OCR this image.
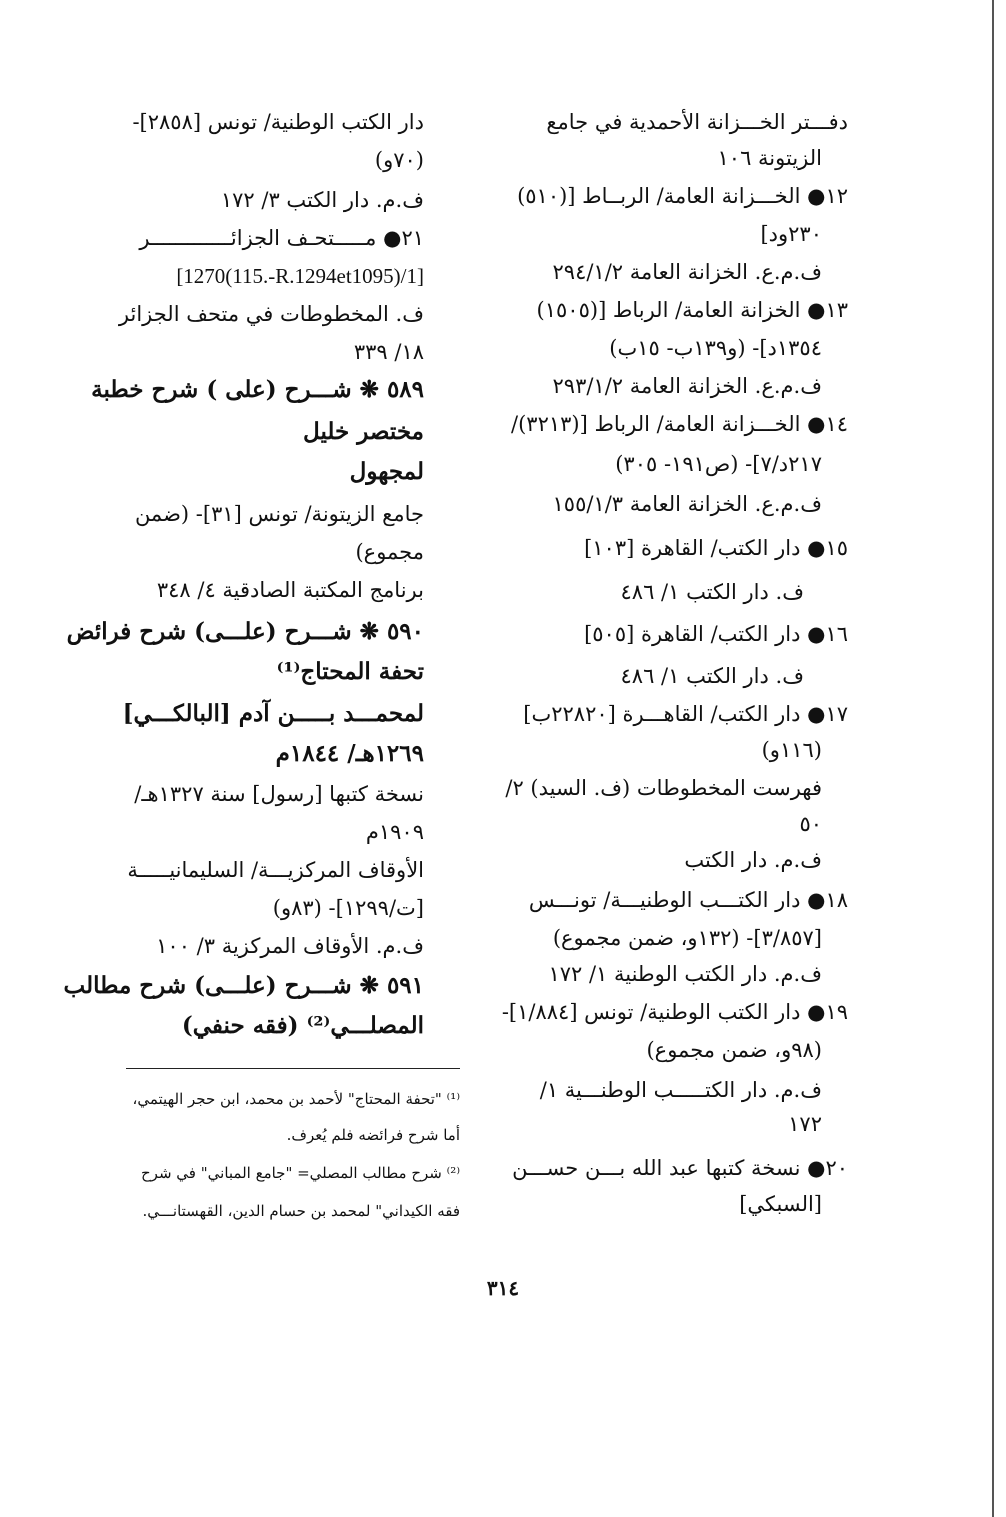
دفـــتر الخـــزانة الأحمدية في جامع
الزيتونة ١٠٦
١٢● الخـــزانة العامة/ الربــاط [(٥١٠)
٢٣٠ود]
ف.م.ع. الخزانة العامة ٢٩٤/١/٢
١٣● الخزانة العامة/ الرباط [(١٥٠٥)
١٣٥٤د]- (و١٣٩ب- ١٥ب)
ف.م.ع. الخزانة العامة ٢٩٣/١/٢
١٤● الخـــزانة العامة/ الرباط [(٣٢١٣)/
٢١٧د/٧]- (ص١٩١- ٣٠٥)
ف.م.ع. الخزانة العامة ١٥٥/١/٣
١٥● دار الكتب/ القاهرة [١٠٣]
ف. دار الكتب ١/ ٤٨٦
١٦● دار الكتب/ القاهرة [٥٠٥]
ف. دار الكتب ١/ ٤٨٦
١٧● دار الكتب/ القاهـــرة [٢٢٨٢٠ب]
(١١٦و)
فهرست المخطوطات (ف. السيد) ٢/
٥٠
ف.م. دار الكتب
١٨● دار الكتـــب الوطنيـــة/ تونـــس
[٣/٨٥٧]- (١٣٢و، ضمن مجموع)
ف.م. دار الكتب الوطنية ١/ ١٧٢
١٩● دار الكتب الوطنية/ تونس [١/٨٨٤]-
(٩٨و، ضمن مجموع)
ف.م. دار الكتـــــب الوطنـــية ١/
١٧٢
٢٠● نسخة كتبها عبد الله بـــن حســـن
[السبكي]
دار الكتب الوطنية/ تونس [٢٨٥٨]-
(٧٠و)
ف.م. دار الكتب ٣/ ١٧٢
٢١● مـــــتحـف الجزائـــــــــــــر
[1270(115.-R.1294et1095)/1]
ف. المخطوطات في متحف الجزائر
١٨/ ٣٣٩
٥٨٩ ❋ شـــرح (على ) شرح خطبة
مختصر خليل
لمجهول
جامع الزيتونة/ تونس [٣١]- (ضمن
مجموع)
برنامج المكتبة الصادقية ٤/ ٣٤٨
٥٩٠ ❋ شـــرح (علـــى) شرح فرائض
تحفة المحتاج⁽¹⁾
لمحمـــد بـــــن آدم [البالكـــي]
١٢٦٩هـ/ ١٨٤٤م
نسخة كتبها [رسول] سنة ١٣٢٧هـ/
١٩٠٩م
الأوقاف المركزيـــة/ السليمانيـــــة
[ت/١٢٩٩]- (٨٣و)
ف.م. الأوقاف المركزية ٣/ ١٠٠
٥٩١ ❋ شـــرح (علـــى) شرح مطالب
المصلـــي⁽²⁾ (فقه حنفي)
⁽¹⁾ "تحفة المحتاج" لأحمد بن محمد، ابن حجر الهيتمي،
أما شرح فرائضه فلم يُعرف.
⁽²⁾ شرح مطالب المصلي= "جامع المباني" في شرح
فقه الكيداني" لمحمد بن حسام الدين، القهستانـــي.
٣١٤
